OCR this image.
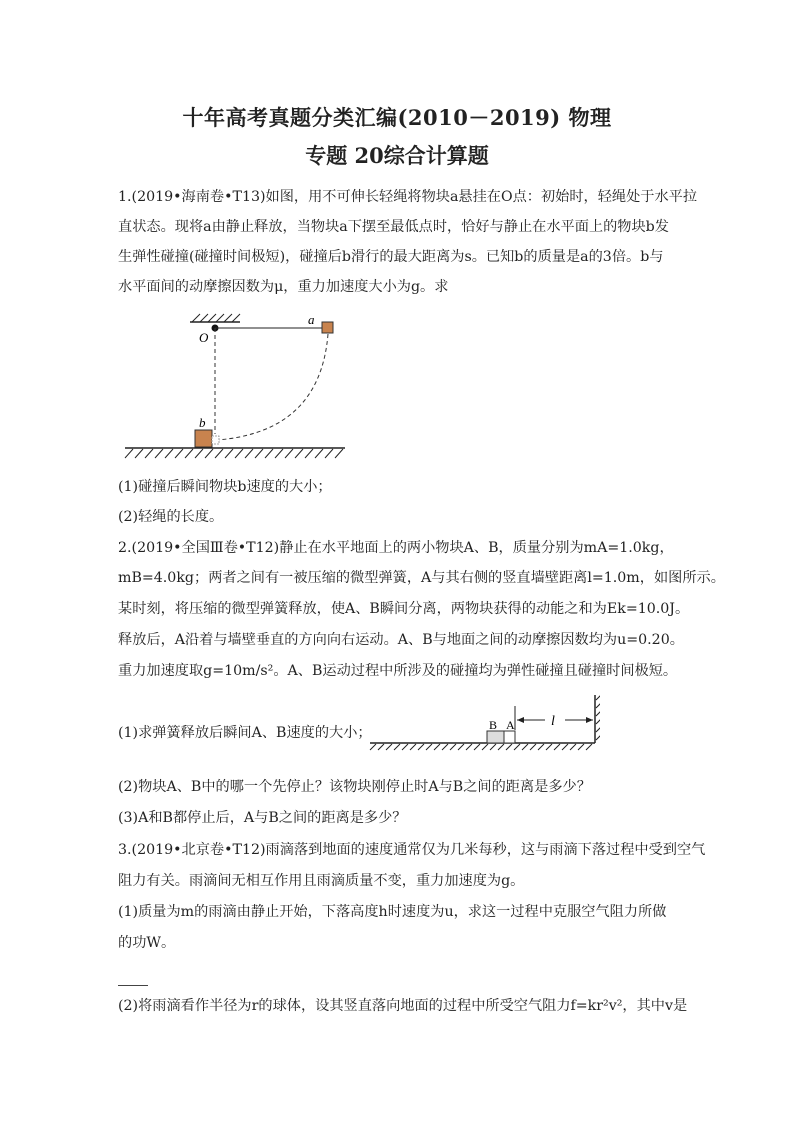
十年高考真题分类汇编(2010－2019) 物理
专题 20综合计算题
1.(2019•海南卷•T13)如图，用不可伸长轻绳将物块a悬挂在O点：初始时，轻绳处于水平拉
直状态。现将a由静止释放，当物块a下摆至最低点时，恰好与静止在水平面上的物块b发
生弹性碰撞(碰撞时间极短)，碰撞后b滑行的最大距离为s。已知b的质量是a的3倍。b与
水平面间的动摩擦因数为μ，重力加速度大小为g。求
O
a
b
(1)碰撞后瞬间物块b速度的大小；
(2)轻绳的长度。
2.(2019•全国Ⅲ卷•T12)静止在水平地面上的两小物块A、B，质量分别为mA=1.0kg，
mB=4.0kg；两者之间有一被压缩的微型弹簧，A与其右侧的竖直墙壁距离l=1.0m，如图所示。
某时刻，将压缩的微型弹簧释放，使A、B瞬间分离，两物块获得的动能之和为Ek=10.0J。
释放后，A沿着与墙壁垂直的方向向右运动。A、B与地面之间的动摩擦因数均为u=0.20。
重力加速度取g=10m/s²。A、B运动过程中所涉及的碰撞均为弹性碰撞且碰撞时间极短。
(1)求弹簧释放后瞬间A、B速度的大小；	B A	l
(2)物块A、B中的哪一个先停止？该物块刚停止时A与B之间的距离是多少？
(3)A和B都停止后，A与B之间的距离是多少？
3.(2019•北京卷•T12)雨滴落到地面的速度通常仅为几米每秒，这与雨滴下落过程中受到空气
阻力有关。雨滴间无相互作用且雨滴质量不变，重力加速度为g。
(1)质量为m的雨滴由静止开始，下落高度h时速度为u，求这一过程中克服空气阻力所做
的功W。
(2)将雨滴看作半径为r的球体，设其竖直落向地面的过程中所受空气阻力f=kr²v²，其中v是
